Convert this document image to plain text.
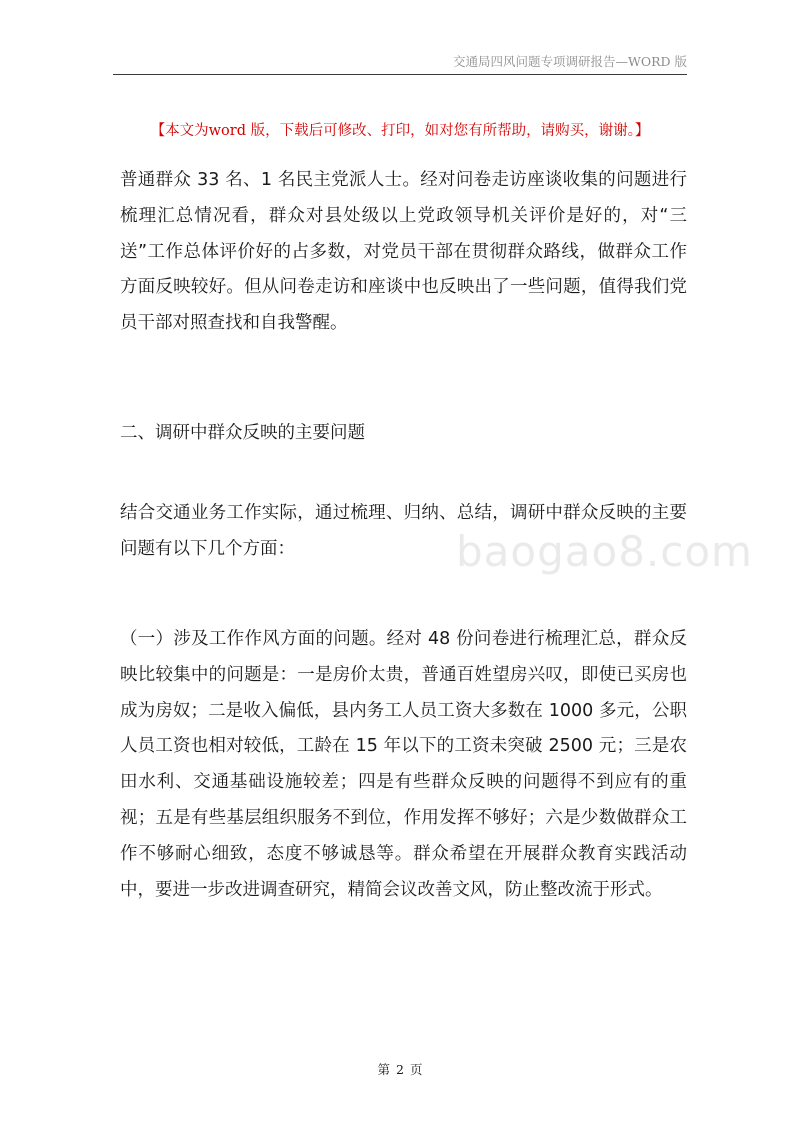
交通局四风问题专项调研报告—WORD 版
【本文为word 版，下载后可修改、打印，如对您有所帮助，请购买，谢谢。】

普通群众 33 名、1 名民主党派人士。经对问卷走访座谈收集的问题进行梳理汇总情况看，群众对县处级以上党政领导机关评价是好的，对“三送”工作总体评价好的占多数，对党员干部在贯彻群众路线，做群众工作方面反映较好。但从问卷走访和座谈中也反映出了一些问题，值得我们党员干部对照查找和自我警醒。

二、调研中群众反映的主要问题

结合交通业务工作实际，通过梳理、归纳、总结，调研中群众反映的主要问题有以下几个方面：	baogao8.com

（一）涉及工作作风方面的问题。经对 48 份问卷进行梳理汇总，群众反映比较集中的问题是：一是房价太贵，普通百姓望房兴叹，即使已买房也成为房奴；二是收入偏低，县内务工人员工资大多数在 1000 多元，公职人员工资也相对较低，工龄在 15 年以下的工资未突破 2500 元；三是农田水利、交通基础设施较差；四是有些群众反映的问题得不到应有的重视；五是有些基层组织服务不到位，作用发挥不够好；六是少数做群众工作不够耐心细致，态度不够诚恳等。群众希望在开展群众教育实践活动中，要进一步改进调查研究，精简会议改善文风，防止整改流于形式。

第 2 页
